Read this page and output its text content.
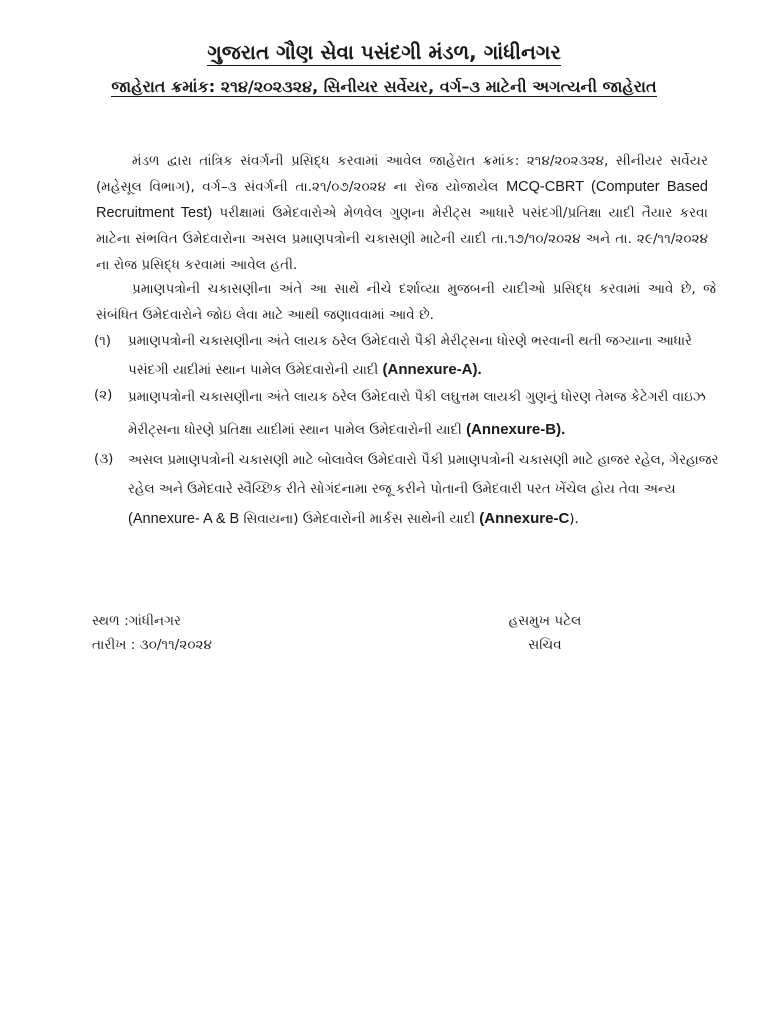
ગુજરાત ગૌણ સેવા પસંદગી મંડળ, ગાંધીનગર
જાહેરાત ક્રમાંક: ૨૧૪/૨૦૨૩૨૪, સિનીયર સર્વેયર, વર્ગ–૩ માટેની અગત્યની જાહેરાત
મંડળ દ્વારા તાંત્રિક સંવર્ગની પ્રસિદ્ધ કરવામાં આવેલ જાહેરાત ક્રમાંક: ૨૧૪/૨૦૨૩૨૪, સીનીયર સર્વેયર (મહેસૂલ વિભાગ), વર્ગ–૩ સંવર્ગની તા.૨૧/૦૭/૨૦૨૪ ના રોજ યોજાયેલ MCQ-CBRT (Computer Based Recruitment Test) પરીક્ષામાં ઉમેદવારોએ મેળવેલ ગુણના મેરીટ્સ આધારે પસંદગી/પ્રતિક્ષા યાદી તૈયાર કરવા માટેના સંભવિત ઉમેદવારોના અસલ પ્રમાણપત્રોની ચકાસણી માટેની યાદી તા.૧૭/૧૦/૨૦૨૪ અને તા. ૨૯/૧૧/૨૦૨૪ ના રોજ પ્રસિદ્ધ કરવામાં આવેલ હતી.
પ્રમાણપત્રોની ચકાસણીના અંતે આ સાથે નીચે દર્શાવ્યા મુજબની યાદીઓ પ્રસિદ્ધ કરવામાં આવે છે, જે સંબંધિત ઉમેદવારોને જોઇ લેવા માટે આથી જણાવવામાં આવે છે.
(૧)	પ્રમાણપત્રોની ચકાસણીના અંતે લાયક ઠરેલ ઉમેદવારો પૈકી મેરીટ્સના ધોરણે ભરવાની થતી જગ્યાના આધારે પસંદગી યાદીમાં સ્થાન પામેલ ઉમેદવારોની યાદી (Annexure-A).
(૨)	પ્રમાણપત્રોની ચકાસણીના અંતે લાયક ઠરેલ ઉમેદવારો પૈકી લઘુત્તમ લાયકી ગુણનું ધોરણ તેમજ કેટેગરી વાઇઝ મેરીટ્સના ધોરણે પ્રતિક્ષા યાદીમાં સ્થાન પામેલ ઉમેદવારોની યાદી (Annexure-B).
(૩)	અસલ પ્રમાણપત્રોની ચકાસણી માટે બોલાવેલ ઉમેદવારો પૈકી પ્રમાણપત્રોની ચકાસણી માટે હાજર રહેલ, ગેરહાજર રહેલ અને ઉમેદવારે સ્વૈચ્છિક રીતે સોગંદનામા રજૂ કરીને પોતાની ઉમેદવારી પરત ખેંચેલ હોય તેવા અન્ય (Annexure- A & B સિવાયના) ઉમેદવારોની માર્કસ સાથેની યાદી (Annexure-C).
સ્થળ :ગાંધીનગર
તારીખ : ૩૦/૧૧/૨૦૨૪
હસમુખ પટેલ
સચિવ
